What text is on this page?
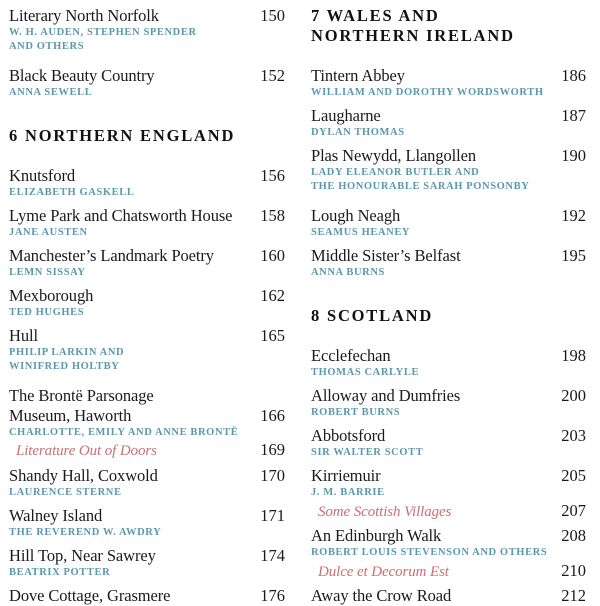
Literary North Norfolk	150
W. H. AUDEN, STEPHEN SPENDER
AND OTHERS
Black Beauty Country	152
ANNA SEWELL
6 NORTHERN ENGLAND
Knutsford	156
ELIZABETH GASKELL
Lyme Park and Chatsworth House 158
JANE AUSTEN
Manchester’s Landmark Poetry	160
LEMN SISSAY
Mexborough	162
TED HUGHES
Hull	165
PHILIP LARKIN AND
WINIFRED HOLTBY
The Brontë Parsonage
Museum, Haworth	166
CHARLOTTE, EMILY AND ANNE BRONTË
Literature Out of Doors	169
Shandy Hall, Coxwold	170
LAURENCE STERNE
Walney Island	171
THE REVEREND W. AWDRY
Hill Top, Near Sawrey	174
BEATRIX POTTER
Dove Cottage, Grasmere	176
7 WALES AND
NORTHERN IRELAND
Tintern Abbey	186
WILLIAM AND DOROTHY WORDSWORTH
Laugharne	187
DYLAN THOMAS
Plas Newydd, Llangollen	190
LADY ELEANOR BUTLER AND
THE HONOURABLE SARAH PONSONBY
Lough Neagh	192
SEAMUS HEANEY
Middle Sister’s Belfast	195
ANNA BURNS
8 SCOTLAND
Ecclefechan	198
THOMAS CARLYLE
Alloway and Dumfries	200
ROBERT BURNS
Abbotsford	203
SIR WALTER SCOTT
Kirriemuir	205
J. M. BARRIE
Some Scottish Villages	207
An Edinburgh Walk	208
ROBERT LOUIS STEVENSON AND OTHERS
Dulce et Decorum Est	210
Away the Crow Road	212
